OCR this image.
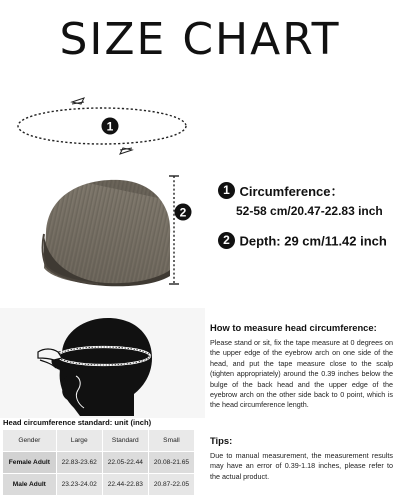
SIZE CHART
1
2
1 Circumference：
52-58 cm/20.47-22.83 inch
2 Depth: 29 cm/11.42 inch
How to measure head circumference:
Please stand or sit, fix the tape measure at 0 degrees on the upper edge of the eyebrow arch on one side of the head, and put the tape measure close to the scalp (tighten appropriately) around the 0.39 inches below the bulge of the back head and the upper edge of the eyebrow arch on the other side back to 0 point, which is the head circumference length.
Tips:
Due to manual measurement, the measurement results may have an error of 0.39-1.18 inches, please refer to the actual product.
Head circumference standard: unit (inch)
Gender	Large	Standard	Small
Female Adult	22.83-23.62	22.05-22.44	20.08-21.65
Male Adult	23.23-24.02	22.44-22.83	20.87-22.05
